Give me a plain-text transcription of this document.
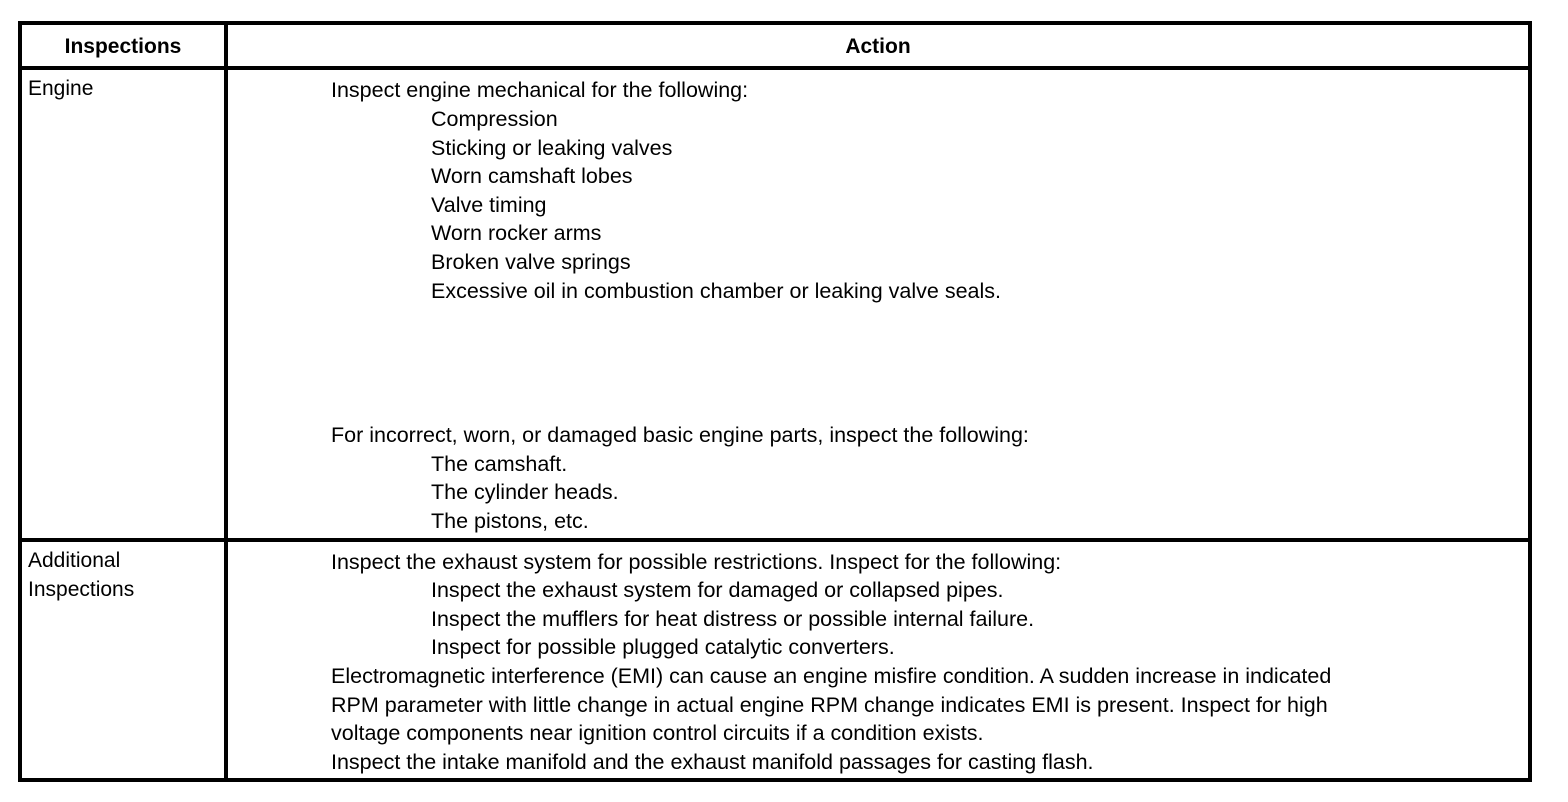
Inspections	Action
Engine	Inspect engine mechanical for the following:
Compression
Sticking or leaking valves
Worn camshaft lobes
Valve timing
Worn rocker arms
Broken valve springs
Excessive oil in combustion chamber or leaking valve seals.
For incorrect, worn, or damaged basic engine parts, inspect the following:
The camshaft.
The cylinder heads.
The pistons, etc.
Additional
Inspections
Inspect the exhaust system for possible restrictions. Inspect for the following:
Inspect the exhaust system for damaged or collapsed pipes.
Inspect the mufflers for heat distress or possible internal failure.
Inspect for possible plugged catalytic converters.
Electromagnetic interference (EMI) can cause an engine misfire condition. A sudden increase in indicated
RPM parameter with little change in actual engine RPM change indicates EMI is present. Inspect for high
voltage components near ignition control circuits if a condition exists.
Inspect the intake manifold and the exhaust manifold passages for casting flash.
